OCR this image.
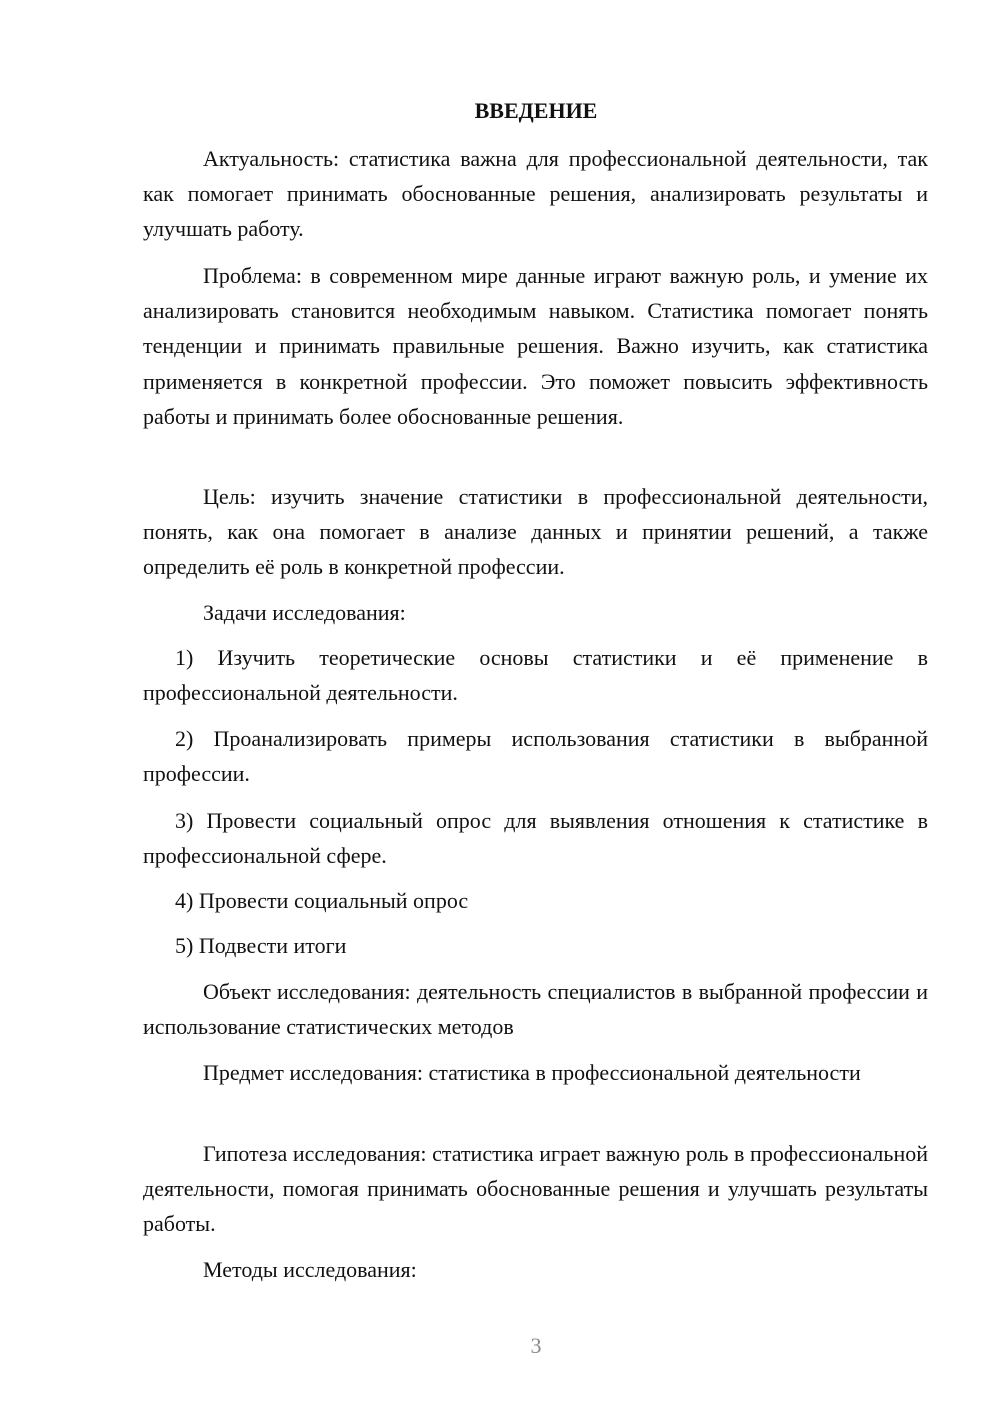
ВВЕДЕНИЕ

Актуальность: статистика важна для профессиональной деятельности, так как помогает принимать обоснованные решения, анализировать результаты и улучшать работу.

Проблема: в современном мире данные играют важную роль, и умение их анализировать становится необходимым навыком. Статистика помогает понять тенденции и принимать правильные решения. Важно изучить, как статистика применяется в конкретной профессии. Это поможет повысить эффективность работы и принимать более обоснованные решения.

Цель: изучить значение статистики в профессиональной деятельности, понять, как она помогает в анализе данных и принятии решений, а также определить её роль в конкретной профессии.

Задачи исследования:

1) Изучить теоретические основы статистики и её применение в профессиональной деятельности.

2) Проанализировать примеры использования статистики в выбранной профессии.

3) Провести социальный опрос для выявления отношения к статистике в профессиональной сфере.

4) Провести социальный опрос

5) Подвести итоги

Объект исследования: деятельность специалистов в выбранной профессии и использование статистических методов

Предмет исследования: статистика в профессиональной деятельности

Гипотеза исследования: статистика играет важную роль в профессиональной деятельности, помогая принимать обоснованные решения и улучшать результаты работы.

Методы исследования:

3
